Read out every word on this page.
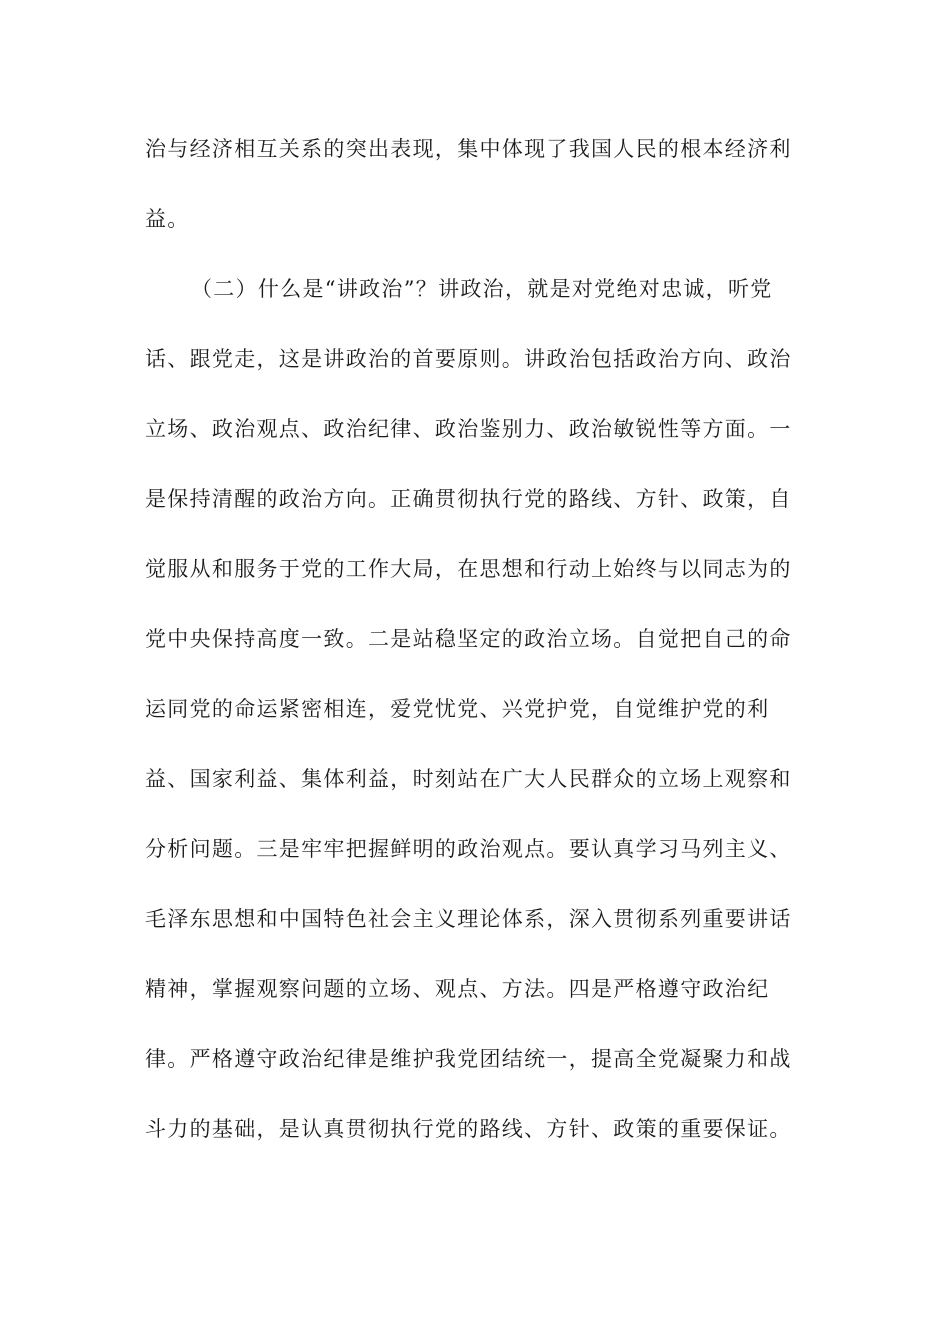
治与经济相互关系的突出表现，集中体现了我国人民的根本经济利
益。
（二）什么是“讲政治”？讲政治，就是对党绝对忠诚，听党
话、跟党走，这是讲政治的首要原则。讲政治包括政治方向、政治
立场、政治观点、政治纪律、政治鉴别力、政治敏锐性等方面。一
是保持清醒的政治方向。正确贯彻执行党的路线、方针、政策，自
觉服从和服务于党的工作大局，在思想和行动上始终与以同志为的
党中央保持高度一致。二是站稳坚定的政治立场。自觉把自己的命
运同党的命运紧密相连，爱党忧党、兴党护党，自觉维护党的利
益、国家利益、集体利益，时刻站在广大人民群众的立场上观察和
分析问题。三是牢牢把握鲜明的政治观点。要认真学习马列主义、
毛泽东思想和中国特色社会主义理论体系，深入贯彻系列重要讲话
精神，掌握观察问题的立场、观点、方法。四是严格遵守政治纪
律。严格遵守政治纪律是维护我党团结统一，提高全党凝聚力和战
斗力的基础，是认真贯彻执行党的路线、方针、政策的重要保证。
